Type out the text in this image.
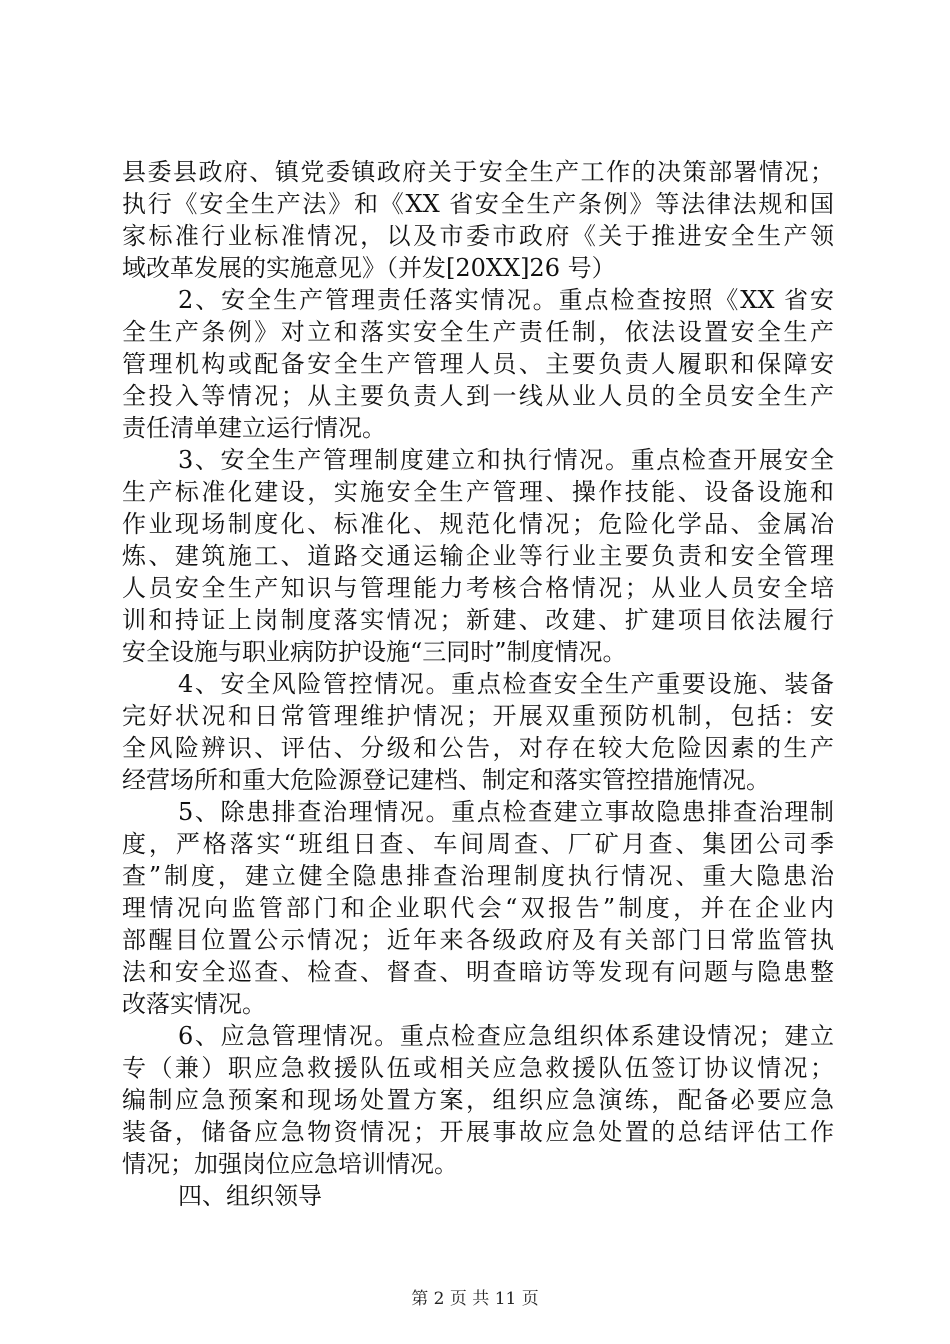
县委县政府、镇党委镇政府关于安全生产工作的决策部署情况；
执行《安全生产法》和《XX 省安全生产条例》等法律法规和国
家标准行业标准情况，以及市委市政府《关于推进安全生产领
域改革发展的实施意见》（并发[20XX]26 号）
2、安全生产管理责任落实情况。重点检查按照《XX 省安
全生产条例》对立和落实安全生产责任制，依法设置安全生产
管理机构或配备安全生产管理人员、主要负责人履职和保障安
全投入等情况；从主要负责人到一线从业人员的全员安全生产
责任清单建立运行情况。
3、安全生产管理制度建立和执行情况。重点检查开展安全
生产标准化建设，实施安全生产管理、操作技能、设备设施和
作业现场制度化、标准化、规范化情况；危险化学品、金属冶
炼、建筑施工、道路交通运输企业等行业主要负责和安全管理
人员安全生产知识与管理能力考核合格情况；从业人员安全培
训和持证上岗制度落实情况；新建、改建、扩建项目依法履行
安全设施与职业病防护设施“三同时”制度情况。
4、安全风险管控情况。重点检查安全生产重要设施、装备
完好状况和日常管理维护情况；开展双重预防机制，包括：安
全风险辨识、评估、分级和公告，对存在较大危险因素的生产
经营场所和重大危险源登记建档、制定和落实管控措施情况。
5、除患排查治理情况。重点检查建立事故隐患排查治理制
度，严格落实“班组日查、车间周查、厂矿月查、集团公司季
查”制度，建立健全隐患排查治理制度执行情况、重大隐患治
理情况向监管部门和企业职代会“双报告”制度，并在企业内
部醒目位置公示情况；近年来各级政府及有关部门日常监管执
法和安全巡查、检查、督查、明查暗访等发现有问题与隐患整
改落实情况。
6、应急管理情况。重点检查应急组织体系建设情况；建立
专（兼）职应急救援队伍或相关应急救援队伍签订协议情况；
编制应急预案和现场处置方案，组织应急演练，配备必要应急
装备，储备应急物资情况；开展事故应急处置的总结评估工作
情况；加强岗位应急培训情况。
四、组织领导
第 2 页 共 11 页
